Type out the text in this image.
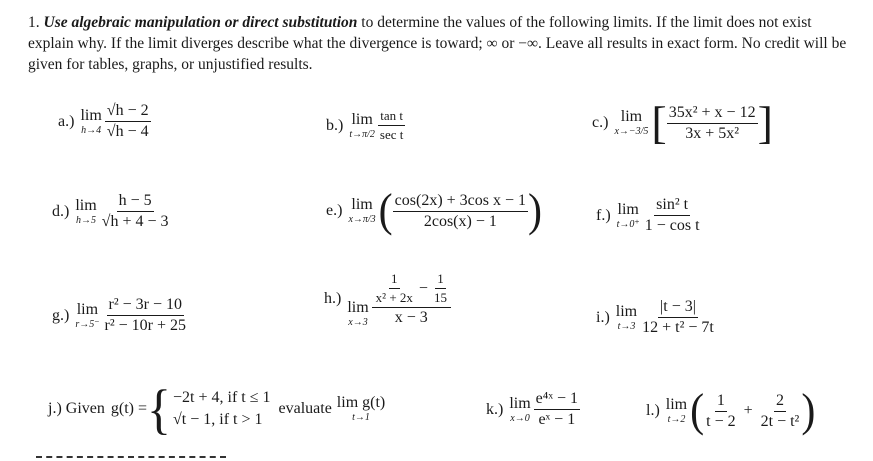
1. Use algebraic manipulation or direct substitution to determine the values of the following limits. If the limit does not exist explain why. If the limit diverges describe what the divergence is toward; ∞ or −∞. Leave all results in exact form. No credit will be given for tables, graphs, or unjustified results.
a.) lim
$h\to 4 \frac{√h - 2}{√h - 4}$	b.) lim
$t\to\pi/2 \frac{\text{tan t}}{\text{sec t}}$	c.) lim
x→−3/5 [ $\frac{\text{35x² + x − 12}}{\text{3x + 5x²}}$ ]
d.) lim
$h\to 5 \frac{h - 5}{√h + 4 - 3}$	e.) lim
x→π/3 ( $\frac{\text{cos(2x) + 3cos x − 1}}{2\cos(x) - 1}$ )	f.) lim
$t\to 0^+ \frac{\text{sin² t}}{\text{1 − cos t}}$
g.) lim
$r\to 5^- \frac{\text{r² − 3r − 10}}{\text{r² − 10r + 25}}$	h.)
lim
$x\to 3 \frac{\frac{1}{\text{x² + 2x}} - \frac{1}{15}}{x - 3}$	i.) lim
$t\to 3 \frac{|t - 3|}{\text{12 + t² − 7t}}$
j.) Given g(t) = { −2t + 4, if t ≤ 1
√t − 1, if t > 1
evaluate lim g(t)
t→1	k.) lim
$x\to 0 \frac{\text{e⁴ˣ − 1}}{\text{eˣ − 1}}$	l.) lim
t→2 ( $\frac{1}{t - 2} + \frac{2}{\text{2t − t²}}$ )
